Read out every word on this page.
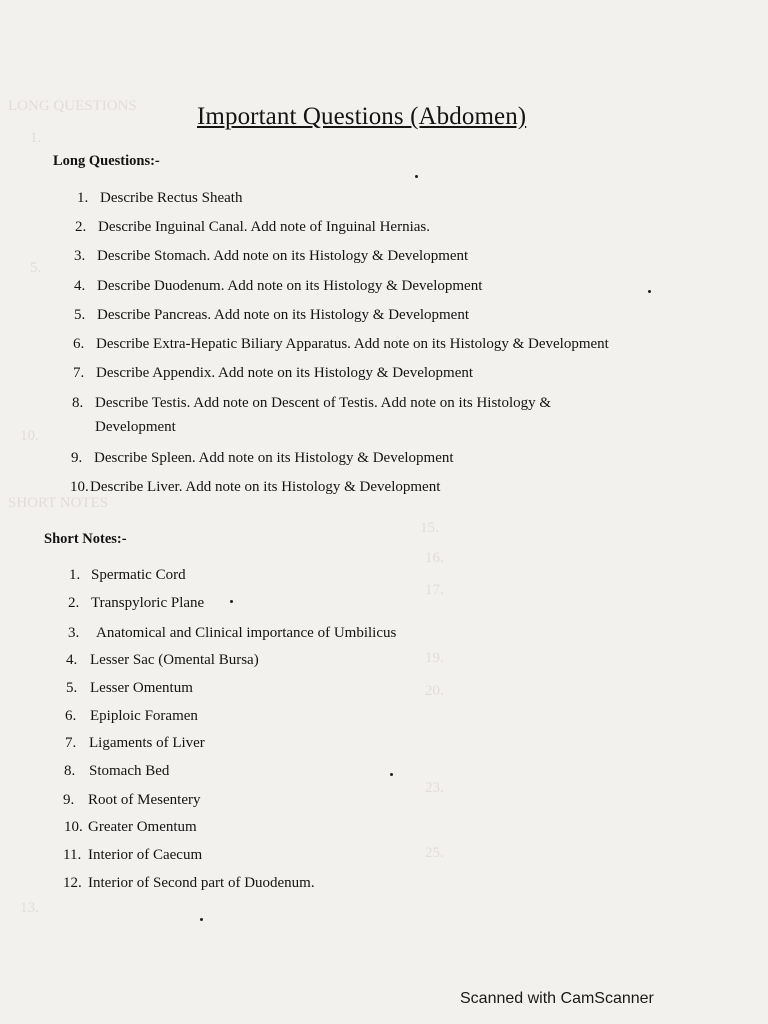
LONG QUESTIONS
1.
5.
10.
SHORT NOTES
15.
16.
17.
19.
20.
23.
25.
13.
Important Questions (Abdomen)
Long Questions:-
1. Describe Rectus Sheath
2. Describe Inguinal Canal. Add note of Inguinal Hernias.
3. Describe Stomach. Add note on its Histology & Development
4. Describe Duodenum. Add note on its Histology & Development
5. Describe Pancreas. Add note on its Histology & Development
6. Describe Extra-Hepatic Biliary Apparatus. Add note on its Histology & Development
7. Describe Appendix. Add note on its Histology & Development
8. Describe Testis. Add note on Descent of Testis. Add note on its Histology &
Development
9. Describe Spleen. Add note on its Histology & Development
10. Describe Liver. Add note on its Histology & Development
Short Notes:-
1. Spermatic Cord
2. Transpyloric Plane
3. Anatomical and Clinical importance of Umbilicus
4. Lesser Sac (Omental Bursa)
5. Lesser Omentum
6. Epiploic Foramen
7. Ligaments of Liver
8. Stomach Bed
9. Root of Mesentery
10. Greater Omentum
11. Interior of Caecum
12. Interior of Second part of Duodenum.
Scanned with CamScanner
